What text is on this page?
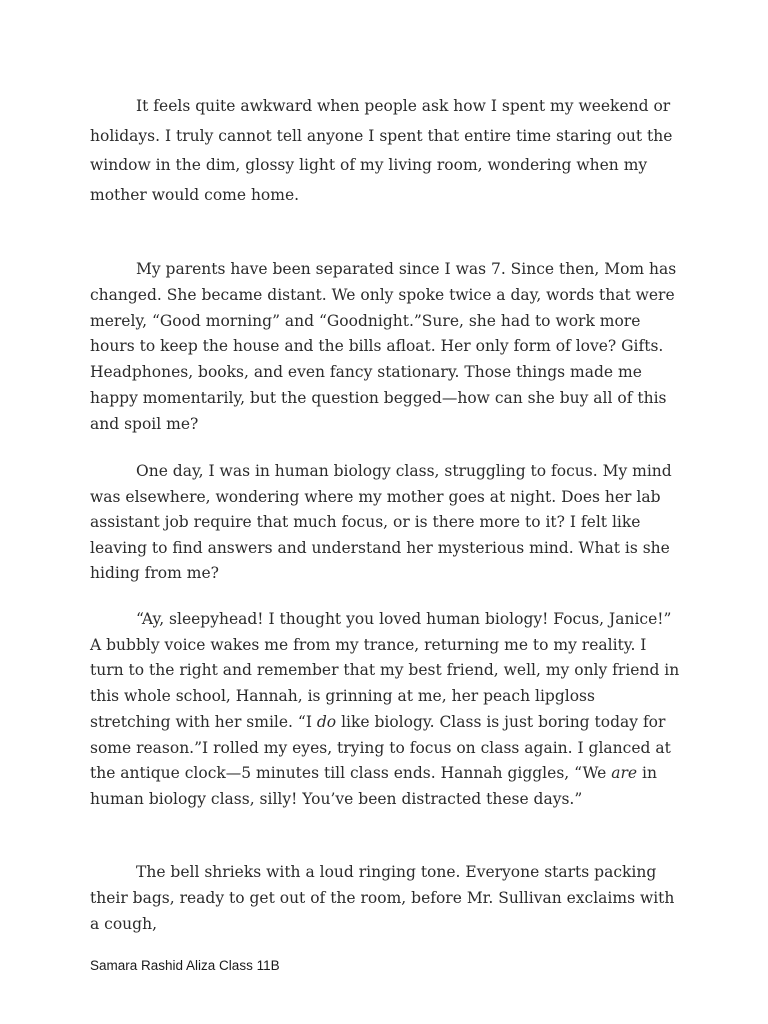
It feels quite awkward when people ask how I spent my weekend or holidays. I truly cannot tell anyone I spent that entire time staring out the window in the dim, glossy light of my living room, wondering when my mother would come home.

My parents have been separated since I was 7. Since then, Mom has changed. She became distant. We only spoke twice a day, words that were merely, “Good morning” and “Goodnight.”Sure, she had to work more hours to keep the house and the bills afloat. Her only form of love? Gifts. Headphones, books, and even fancy stationary. Those things made me happy momentarily, but the question begged—how can she buy all of this and spoil me?

One day, I was in human biology class, struggling to focus. My mind was elsewhere, wondering where my mother goes at night. Does her lab assistant job require that much focus, or is there more to it? I felt like leaving to find answers and understand her mysterious mind. What is she hiding from me?

“Ay, sleepyhead! I thought you loved human biology! Focus, Janice!” A bubbly voice wakes me from my trance, returning me to my reality. I turn to the right and remember that my best friend, well, my only friend in this whole school, Hannah, is grinning at me, her peach lipgloss stretching with her smile. “I do like biology. Class is just boring today for some reason.”I rolled my eyes, trying to focus on class again. I glanced at the antique clock—5 minutes till class ends. Hannah giggles, “We are in human biology class, silly! You’ve been distracted these days.”

The bell shrieks with a loud ringing tone. Everyone starts packing their bags, ready to get out of the room, before Mr. Sullivan exclaims with a cough,

Samara Rashid Aliza Class 11B
